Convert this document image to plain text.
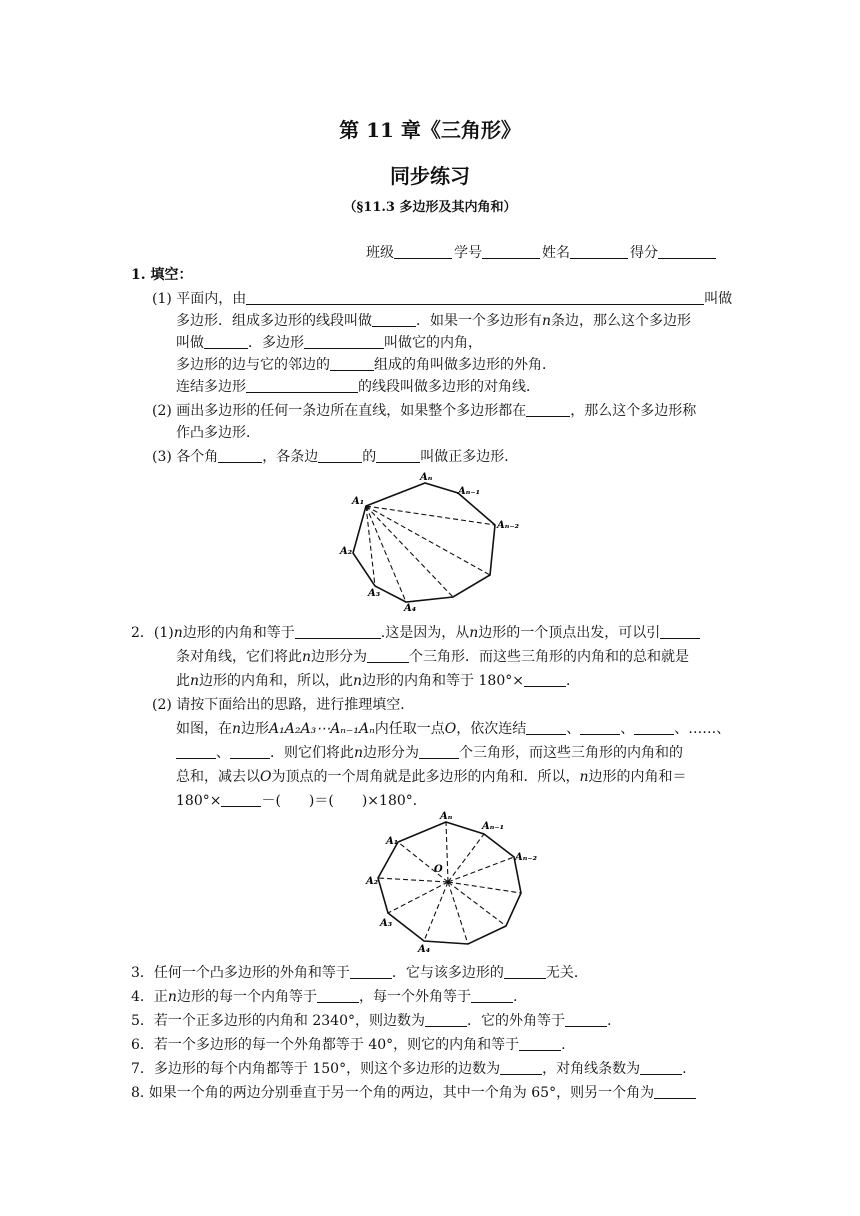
第 11 章《三角形》
同步练习
（§11.3 多边形及其内角和）
班级	学号	姓名	得分
1. 填空：
(1) 平面内，由	叫做
多边形．组成多边形的线段叫做	．如果一个多边形有n条边，那么这个多边形
叫做	．多边形	叫做它的内角，
多边形的边与它的邻边的	组成的角叫做多边形的外角．
连结多边形	的线段叫做多边形的对角线．
(2) 画出多边形的任何一条边所在直线，如果整个多边形都在	，那么这个多边形称
作凸多边形．
(3) 各个角	，各条边	的	叫做正多边形．
A₁
A₂
A₃
A₄
Aₙ
Aₙ₋₁
Aₙ₋₂
2．(1)n边形的内角和等于	.这是因为，从n边形的一个顶点出发，可以引
条对角线，它们将此n边形分为	个三角形．而这些三角形的内角和的总和就是
此n边形的内角和，所以，此n边形的内角和等于 180°×	．
(2) 请按下面给出的思路，进行推理填空．
如图，在n边形A₁A₂A₃⋯Aₙ₋₁Aₙ内任取一点O，依次连结	、	、	、……、
、	．则它们将此n边形分为	个三角形，而这些三角形的内角和的
总和，减去以O为顶点的一个周角就是此多边形的内角和．所以，n边形的内角和＝
180°×	－(　　)＝(　　)×180°．
O
A₁
A₂
A₃
A₄
Aₙ
Aₙ₋₁
Aₙ₋₂
3．任何一个凸多边形的外角和等于	．它与该多边形的	无关．
4．正n边形的每一个内角等于	，每一个外角等于	.
5．若一个正多边形的内角和 2340°，则边数为	．它的外角等于	.
6．若一个多边形的每一个外角都等于 40°，则它的内角和等于	.
7．多边形的每个内角都等于 150°，则这个多边形的边数为	，对角线条数为	.
8. 如果一个角的两边分别垂直于另一个角的两边，其中一个角为 65°，则另一个角为
